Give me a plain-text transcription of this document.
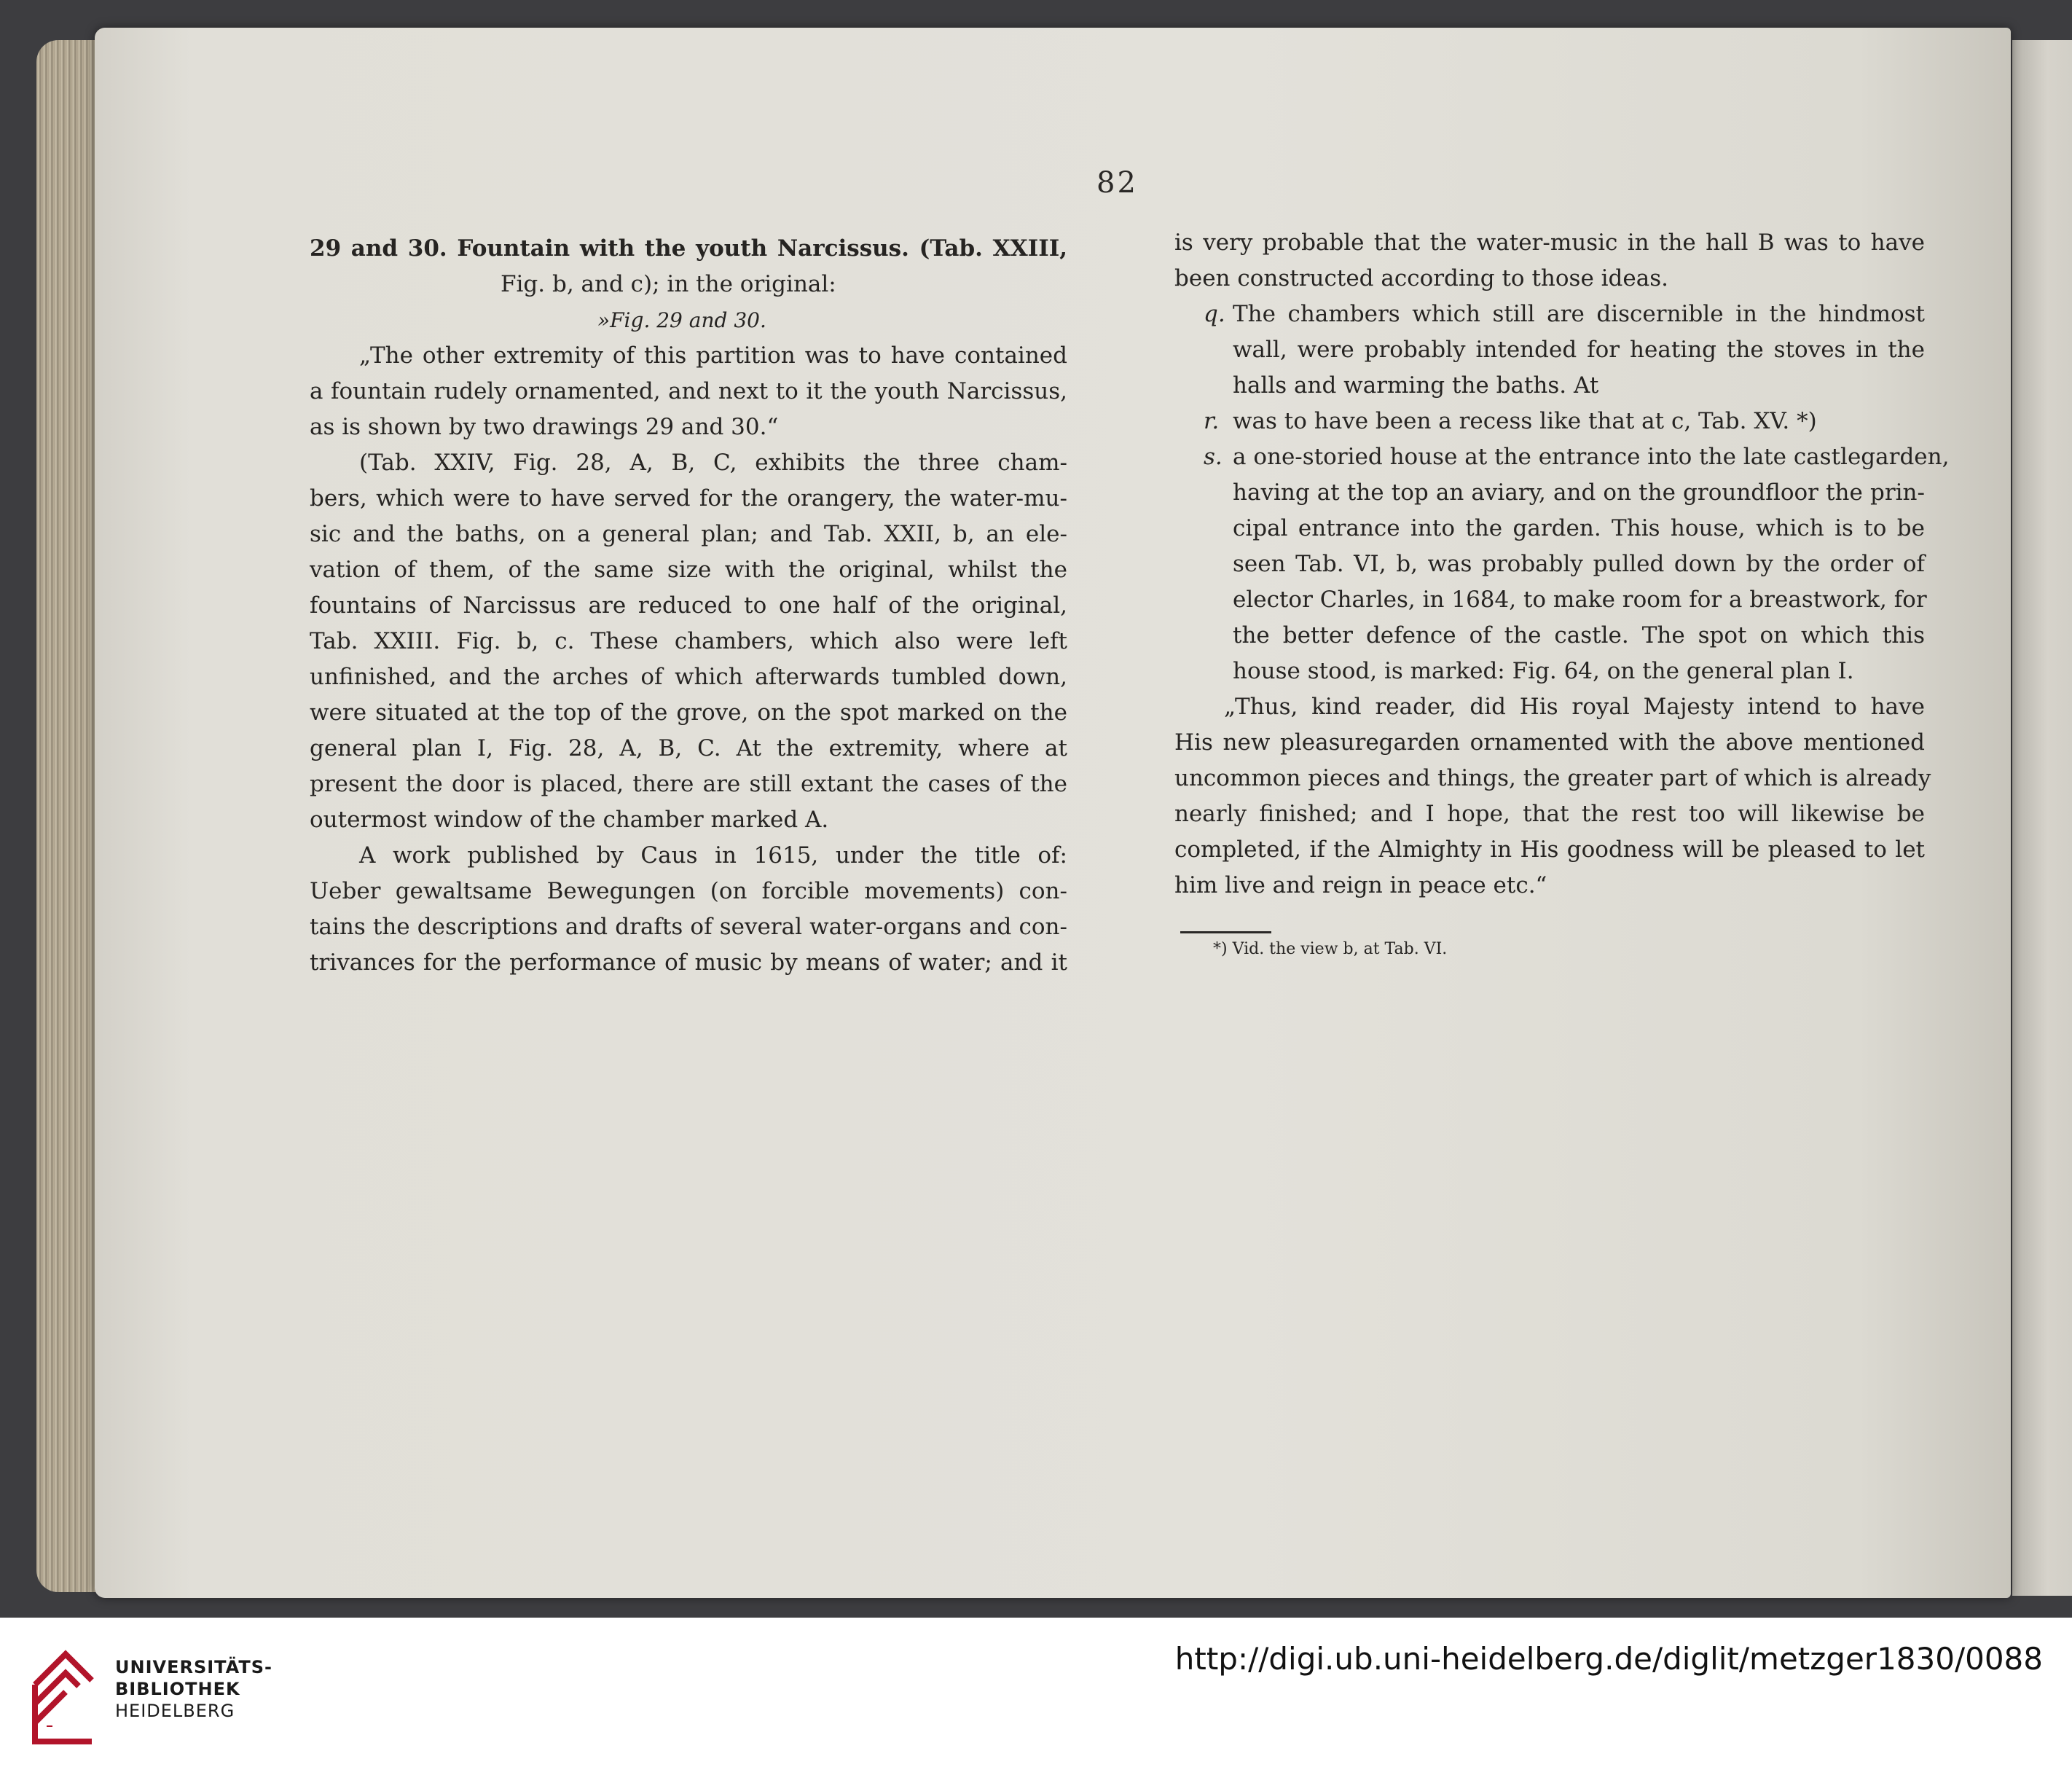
82
29 and 30. Fountain with the youth Narcissus. (Tab. XXIII,
Fig. b, and c); in the original:
»Fig. 29 and 30.
„The other extremity of this partition was to have contained
a fountain rudely ornamented, and next to it the youth Narcissus,
as is shown by two drawings 29 and 30.“
(Tab. XXIV, Fig. 28, A, B, C, exhibits the three cham-
bers, which were to have served for the orangery, the water-mu-
sic and the baths, on a general plan; and Tab. XXII, b, an ele-
vation of them, of the same size with the original, whilst the
fountains of Narcissus are reduced to one half of the original,
Tab. XXIII. Fig. b, c. These chambers, which also were left
unfinished, and the arches of which afterwards tumbled down,
were situated at the top of the grove, on the spot marked on the
general plan I, Fig. 28, A, B, C. At the extremity, where at
present the door is placed, there are still extant the cases of the
outermost window of the chamber marked A.
A work published by Caus in 1615, under the title of:
Ueber gewaltsame Bewegungen (on forcible movements) con-
tains the descriptions and drafts of several water-organs and con-
trivances for the performance of music by means of water; and it
is very probable that the water-music in the hall B was to have
been constructed according to those ideas.
q. The chambers which still are discernible in the hindmost
wall, were probably intended for heating the stoves in the
halls and warming the baths. At
r. was to have been a recess like that at c, Tab. XV. *)
s. a one-storied house at the entrance into the late castlegarden,
having at the top an aviary, and on the groundfloor the prin-
cipal entrance into the garden. This house, which is to be
seen Tab. VI, b, was probably pulled down by the order of
elector Charles, in 1684, to make room for a breastwork, for
the better defence of the castle. The spot on which this
house stood, is marked: Fig. 64, on the general plan I.
„Thus, kind reader, did His royal Majesty intend to have
His new pleasuregarden ornamented with the above mentioned
uncommon pieces and things, the greater part of which is already
nearly finished; and I hope, that the rest too will likewise be
completed, if the Almighty in His goodness will be pleased to let
him live and reign in peace etc.“
*) Vid. the view b, at Tab. VI.
UNIVERSITÄTS-
BIBLIOTHEK
HEIDELBERG
http://digi.ub.uni-heidelberg.de/diglit/metzger1830/0088
